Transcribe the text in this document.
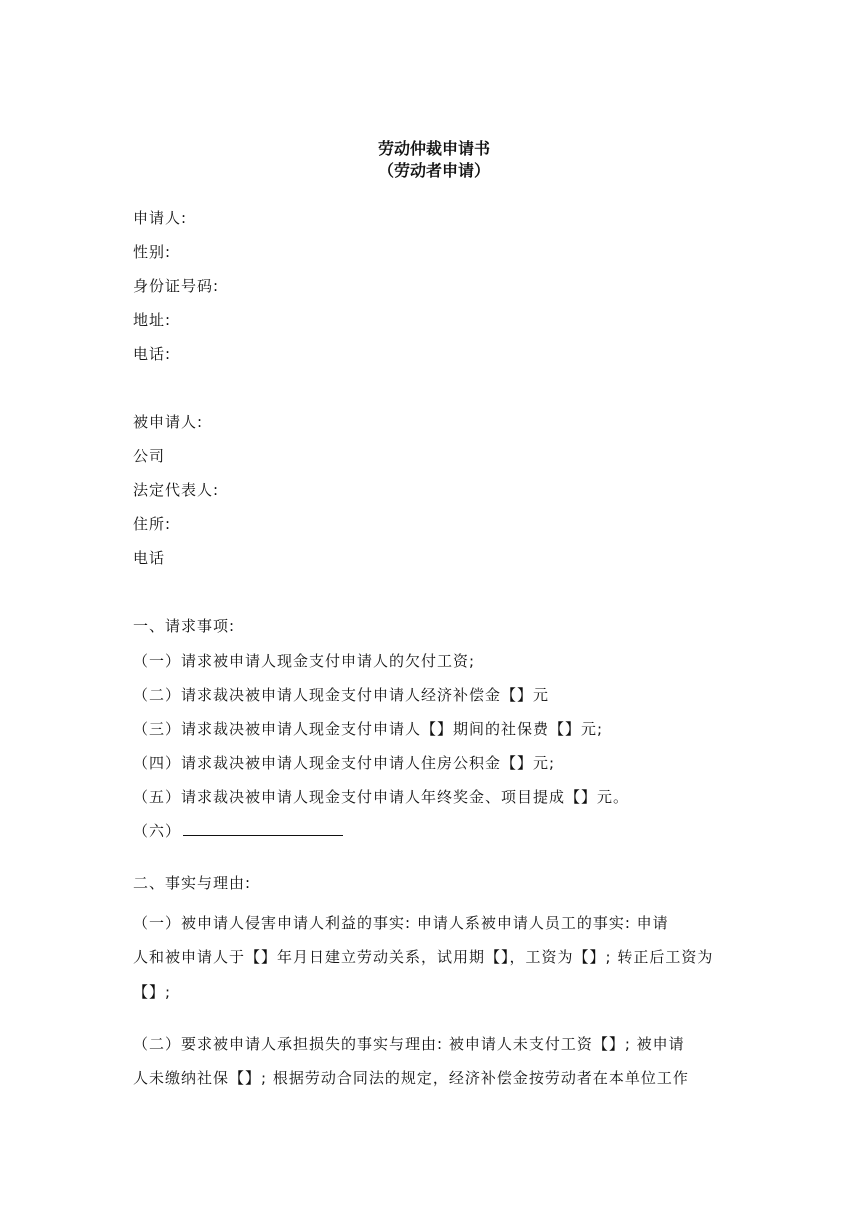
劳动仲裁申请书
（劳动者申请）
申请人:
性别:
身份证号码:
地址:
电话:
被申请人:
公司
法定代表人:
住所:
电话
一、请求事项:
（一）请求被申请人现金支付申请人的欠付工资;
（二）请求裁决被申请人现金支付申请人经济补偿金【】元
（三）请求裁决被申请人现金支付申请人【】期间的社保费【】元;
（四）请求裁决被申请人现金支付申请人住房公积金【】元;
（五）请求裁决被申请人现金支付申请人年终奖金、项目提成【】元。
（六）
二、事实与理由:
（一）被申请人侵害申请人利益的事实: 申请人系被申请人员工的事实: 申请
人和被申请人于【】年月日建立劳动关系，试用期【】，工资为【】; 转正后工资为
【】;
（二）要求被申请人承担损失的事实与理由: 被申请人未支付工资【】; 被申请
人未缴纳社保【】; 根据劳动合同法的规定，经济补偿金按劳动者在本单位工作
